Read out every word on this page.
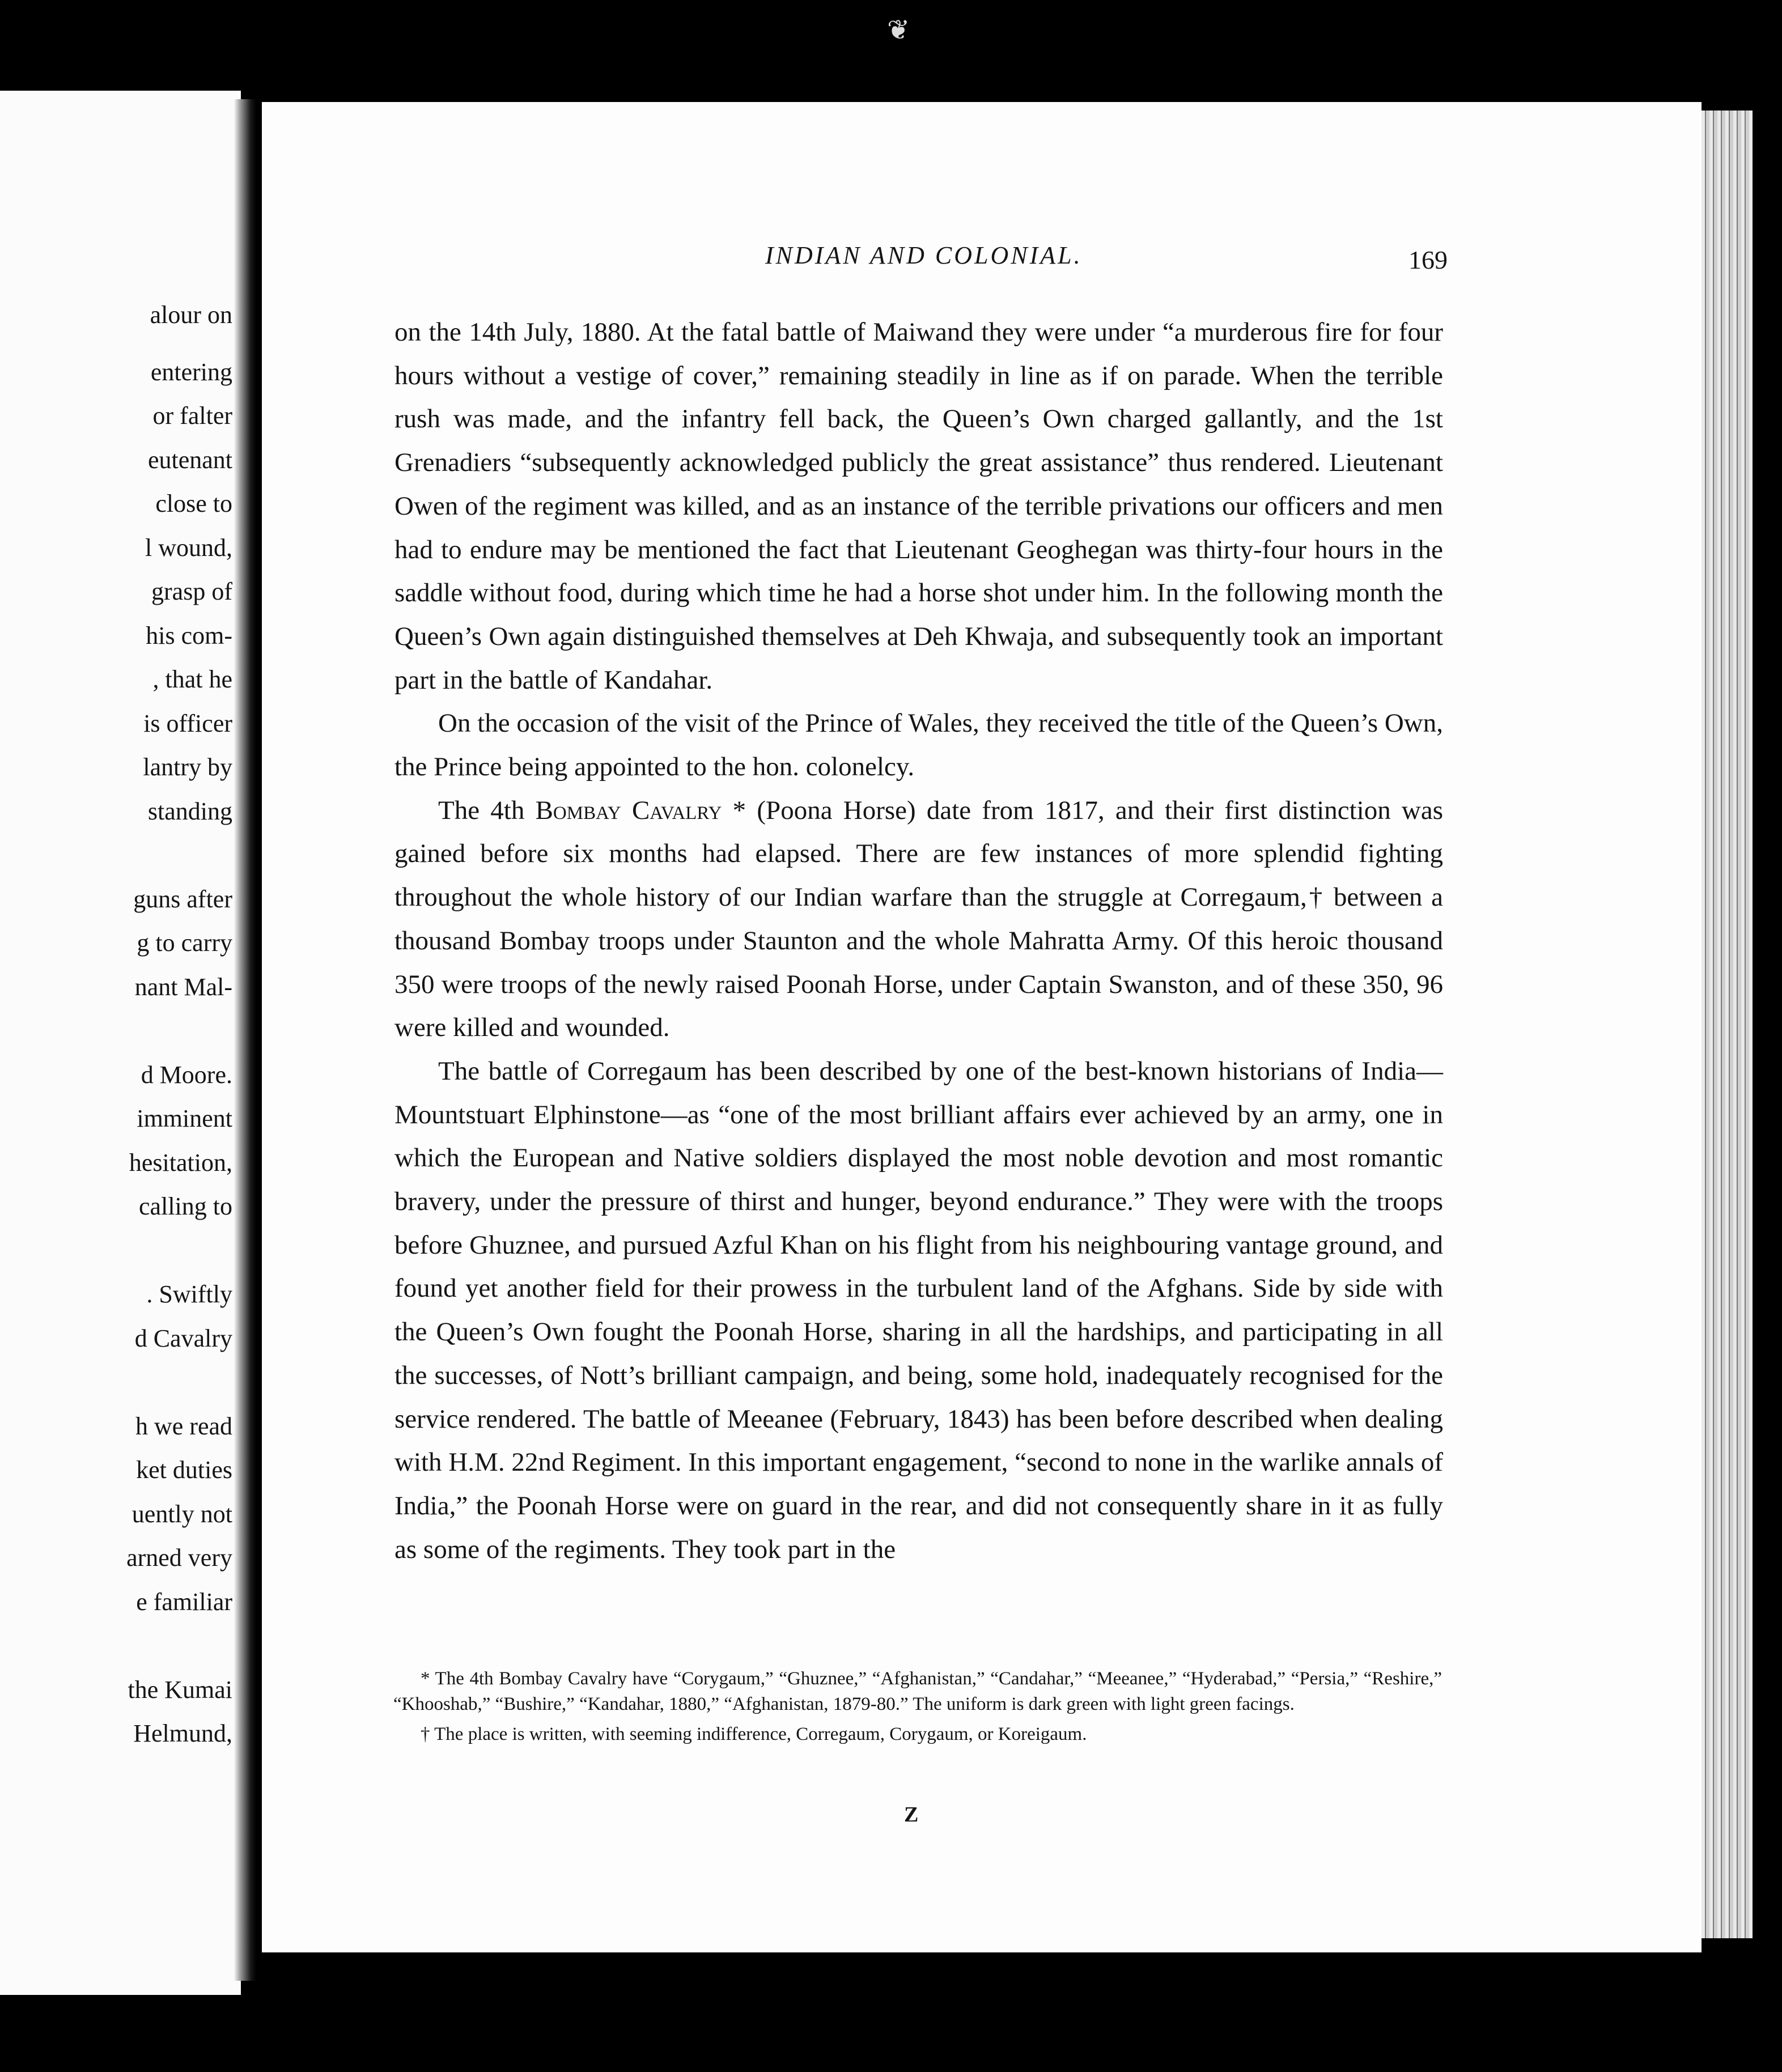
alour on
entering
or falter
eutenant
close to
l wound,
grasp of
his com-
, that he
is officer
lantry by
standing
guns after
g to carry
nant Mal-
d Moore.
imminent
hesitation,
calling to
. Swiftly
d Cavalry
h we read
ket duties
uently not
arned very
e familiar
the Kumai
Helmund,
❦
INDIAN AND COLONIAL.	169

on the 14th July, 1880. At the fatal battle of Maiwand they were under “a murderous fire for four hours without a vestige of cover,” remaining steadily in line as if on parade. When the terrible rush was made, and the infantry fell back, the Queen’s Own charged gallantly, and the 1st Grenadiers “subsequently acknowledged publicly the great assistance” thus rendered. Lieutenant Owen of the regiment was killed, and as an instance of the terrible privations our officers and men had to endure may be mentioned the fact that Lieutenant Geoghegan was thirty-four hours in the saddle without food, during which time he had a horse shot under him. In the following month the Queen’s Own again distinguished themselves at Deh Khwaja, and subsequently took an important part in the battle of Kandahar.

On the occasion of the visit of the Prince of Wales, they received the title of the Queen’s Own, the Prince being appointed to the hon. colonelcy.

The 4th Bombay Cavalry * (Poona Horse) date from 1817, and their first distinction was gained before six months had elapsed. There are few instances of more splendid fighting throughout the whole history of our Indian warfare than the struggle at Corregaum,† between a thousand Bombay troops under Staunton and the whole Mahratta Army. Of this heroic thousand 350 were troops of the newly raised Poonah Horse, under Captain Swanston, and of these 350, 96 were killed and wounded.

The battle of Corregaum has been described by one of the best-known historians of India—Mountstuart Elphinstone—as “one of the most brilliant affairs ever achieved by an army, one in which the European and Native soldiers displayed the most noble devotion and most romantic bravery, under the pressure of thirst and hunger, beyond endurance.” They were with the troops before Ghuznee, and pursued Azful Khan on his flight from his neighbouring vantage ground, and found yet another field for their prowess in the turbulent land of the Afghans. Side by side with the Queen’s Own fought the Poonah Horse, sharing in all the hardships, and participating in all the successes, of Nott’s brilliant campaign, and being, some hold, inadequately recognised for the service rendered. The battle of Meeanee (February, 1843) has been before described when dealing with H.M. 22nd Regiment. In this important engagement, “second to none in the warlike annals of India,” the Poonah Horse were on guard in the rear, and did not consequently share in it as fully as some of the regiments. They took part in the

* The 4th Bombay Cavalry have “Corygaum,” “Ghuznee,” “Afghanistan,” “Candahar,” “Meeanee,” “Hyderabad,” “Persia,” “Reshire,” “Khooshab,” “Bushire,” “Kandahar, 1880,” “Afghanistan, 1879-80.” The uniform is dark green with light green facings.

† The place is written, with seeming indifference, Corregaum, Corygaum, or Koreigaum.

Z
